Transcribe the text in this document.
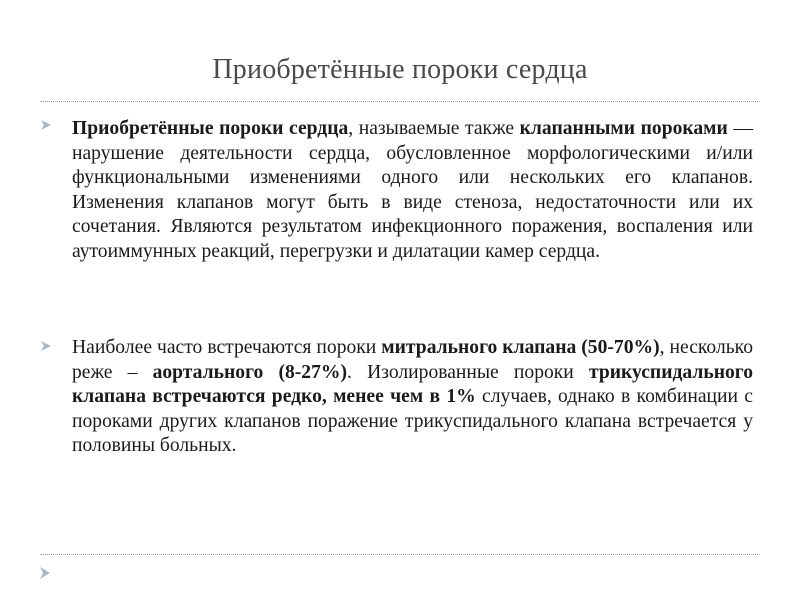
Приобретённые пороки сердца

Приобретённые пороки сердца, называемые также клапанными пороками — нарушение деятельности сердца, обусловленное морфологическими и/или функциональными изменениями одного или нескольких его клапанов. Изменения клапанов могут быть в виде стеноза, недостаточности или их сочетания. Являются результатом инфекционного поражения, воспаления или аутоиммунных реакций, перегрузки и дилатации камер сердца.

Наиболее часто встречаются пороки митрального клапана (50-70%), несколько реже – аортального (8-27%). Изолированные пороки трикуспидального клапана встречаются редко, менее чем в 1% случаев, однако в комбинации с пороками других клапанов поражение трикуспидального клапана встречается у половины больных.
